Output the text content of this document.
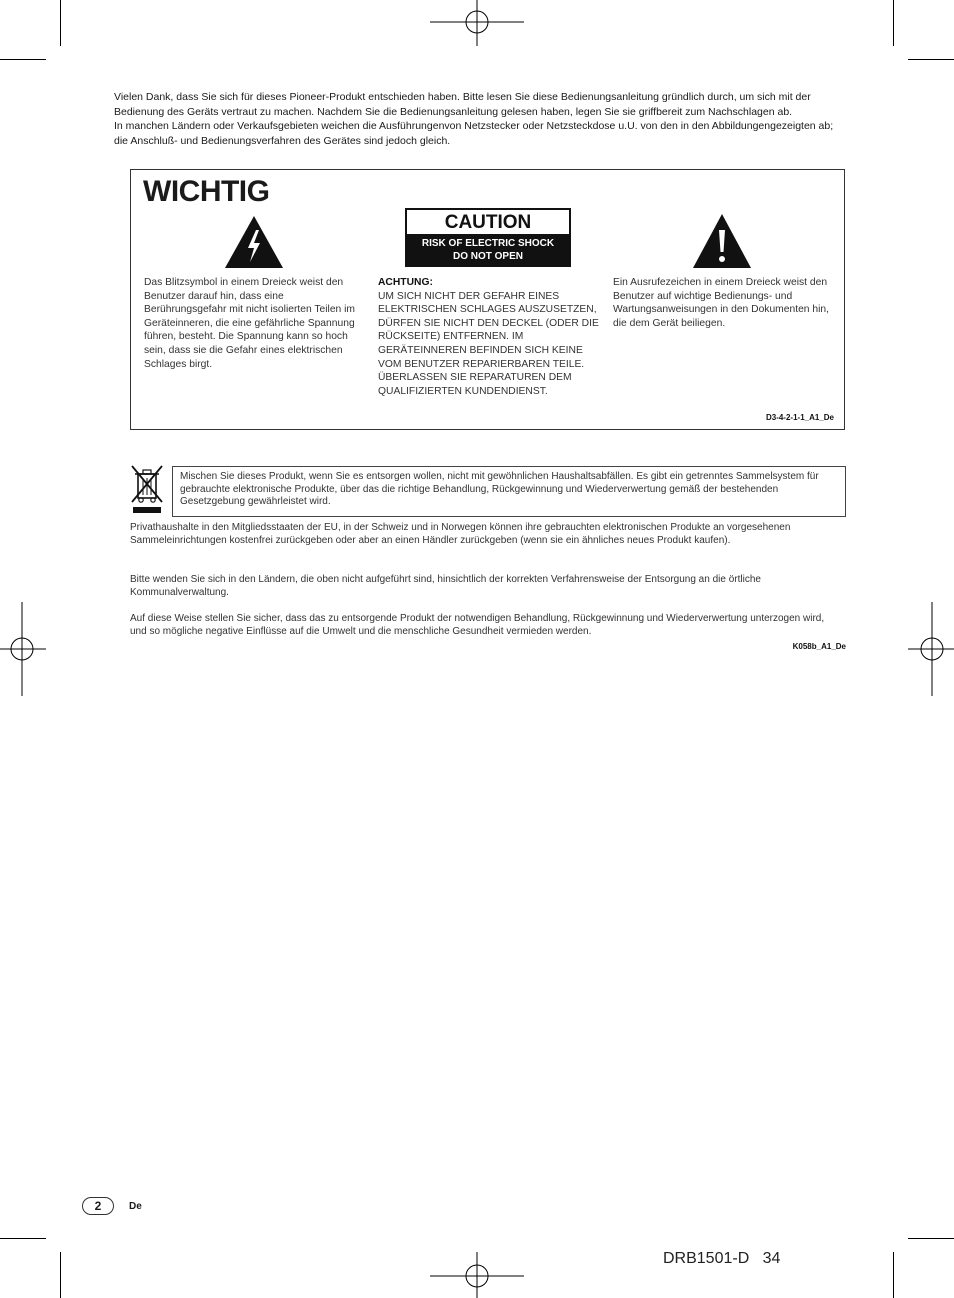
Vielen Dank, dass Sie sich für dieses Pioneer-Produkt entschieden haben. Bitte lesen Sie diese Bedienungsanleitung gründlich durch, um sich mit der Bedienung des Geräts vertraut zu machen. Nachdem Sie die Bedienungsanleitung gelesen haben, legen Sie sie griffbereit zum Nachschlagen ab.

In manchen Ländern oder Verkaufsgebieten weichen die Ausführungenvon Netzstecker oder Netzsteckdose u.U. von den in den Abbildungengezeigten ab; die Anschluß- und Bedienungsverfahren des Gerätes sind jedoch gleich.

WICHTIG
CAUTION
RISK OF ELECTRIC SHOCK
DO NOT OPEN
Das Blitzsymbol in einem Dreieck weist den Benutzer darauf hin, dass eine Berührungsgefahr mit nicht isolierten Teilen im Geräteinneren, die eine gefährliche Spannung führen, besteht. Die Spannung kann so hoch sein, dass sie die Gefahr eines elektrischen Schlages birgt.
ACHTUNG:
UM SICH NICHT DER GEFAHR EINES ELEKTRISCHEN SCHLAGES AUSZUSETZEN, DÜRFEN SIE NICHT DEN DECKEL (ODER DIE RÜCKSEITE) ENTFERNEN. IM GERÄTEINNEREN BEFINDEN SICH KEINE VOM BENUTZER REPARIERBAREN TEILE. ÜBERLASSEN SIE REPARATUREN DEM QUALIFIZIERTEN KUNDENDIENST.
Ein Ausrufezeichen in einem Dreieck weist den Benutzer auf wichtige Bedienungs- und Wartungsanweisungen in den Dokumenten hin, die dem Gerät beiliegen.
D3-4-2-1-1_A1_De
Mischen Sie dieses Produkt, wenn Sie es entsorgen wollen, nicht mit gewöhnlichen Haushaltsabfällen. Es gibt ein getrenntes Sammelsystem für gebrauchte elektronische Produkte, über das die richtige Behandlung, Rückgewinnung und Wiederverwertung gemäß der bestehenden Gesetzgebung gewährleistet wird.

Privathaushalte in den Mitgliedsstaaten der EU, in der Schweiz und in Norwegen können ihre gebrauchten elektronischen Produkte an vorgesehenen Sammeleinrichtungen kostenfrei zurückgeben oder aber an einen Händler zurückgeben (wenn sie ein ähnliches neues Produkt kaufen).

Bitte wenden Sie sich in den Ländern, die oben nicht aufgeführt sind, hinsichtlich der korrekten Verfahrensweise der Entsorgung an die örtliche Kommunalverwaltung.

Auf diese Weise stellen Sie sicher, dass das zu entsorgende Produkt der notwendigen Behandlung, Rückgewinnung und Wiederverwertung unterzogen wird, und so mögliche negative Einflüsse auf die Umwelt und die menschliche Gesundheit vermieden werden.

K058b_A1_De
2	De
DRB1501-D   34
